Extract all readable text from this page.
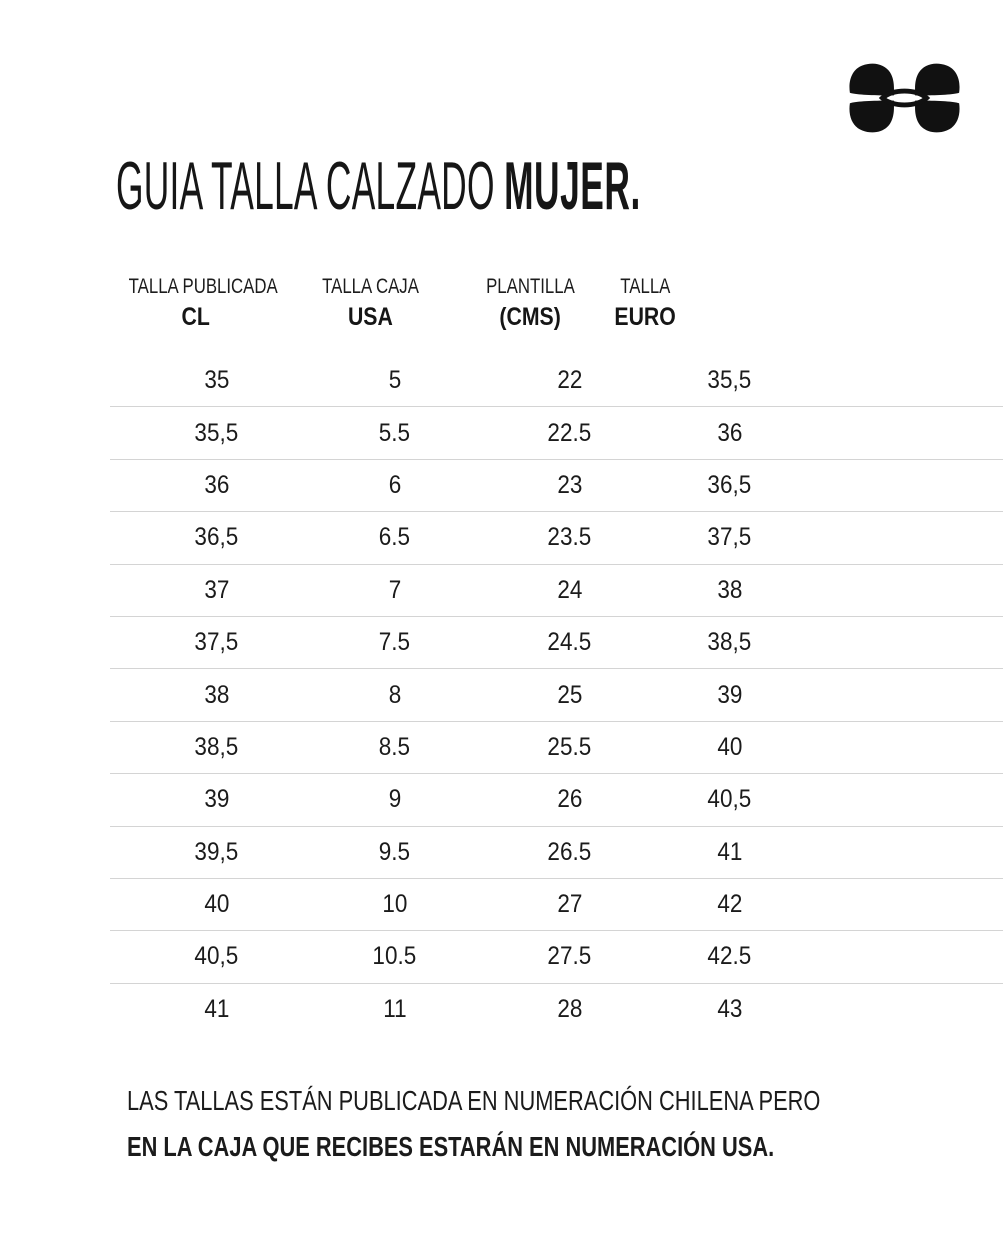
GUIA TALLA CALZADO MUJER.
TALLA PUBLICADA
CL
TALLA CAJA
USA
PLANTILLA
(CMS)
TALLA
EURO
35	5	22	35,5
35,5	5.5	22.5	36
36	6	23	36,5
36,5	6.5	23.5	37,5
37	7	24	38
37,5	7.5	24.5	38,5
38	8	25	39
38,5	8.5	25.5	40
39	9	26	40,5
39,5	9.5	26.5	41
40	10	27	42
40,5	10.5	27.5	42.5
41	11	28	43
LAS TALLAS ESTÁN PUBLICADA EN NUMERACIÓN CHILENA PERO
EN LA CAJA QUE RECIBES ESTARÁN EN NUMERACIÓN USA.
